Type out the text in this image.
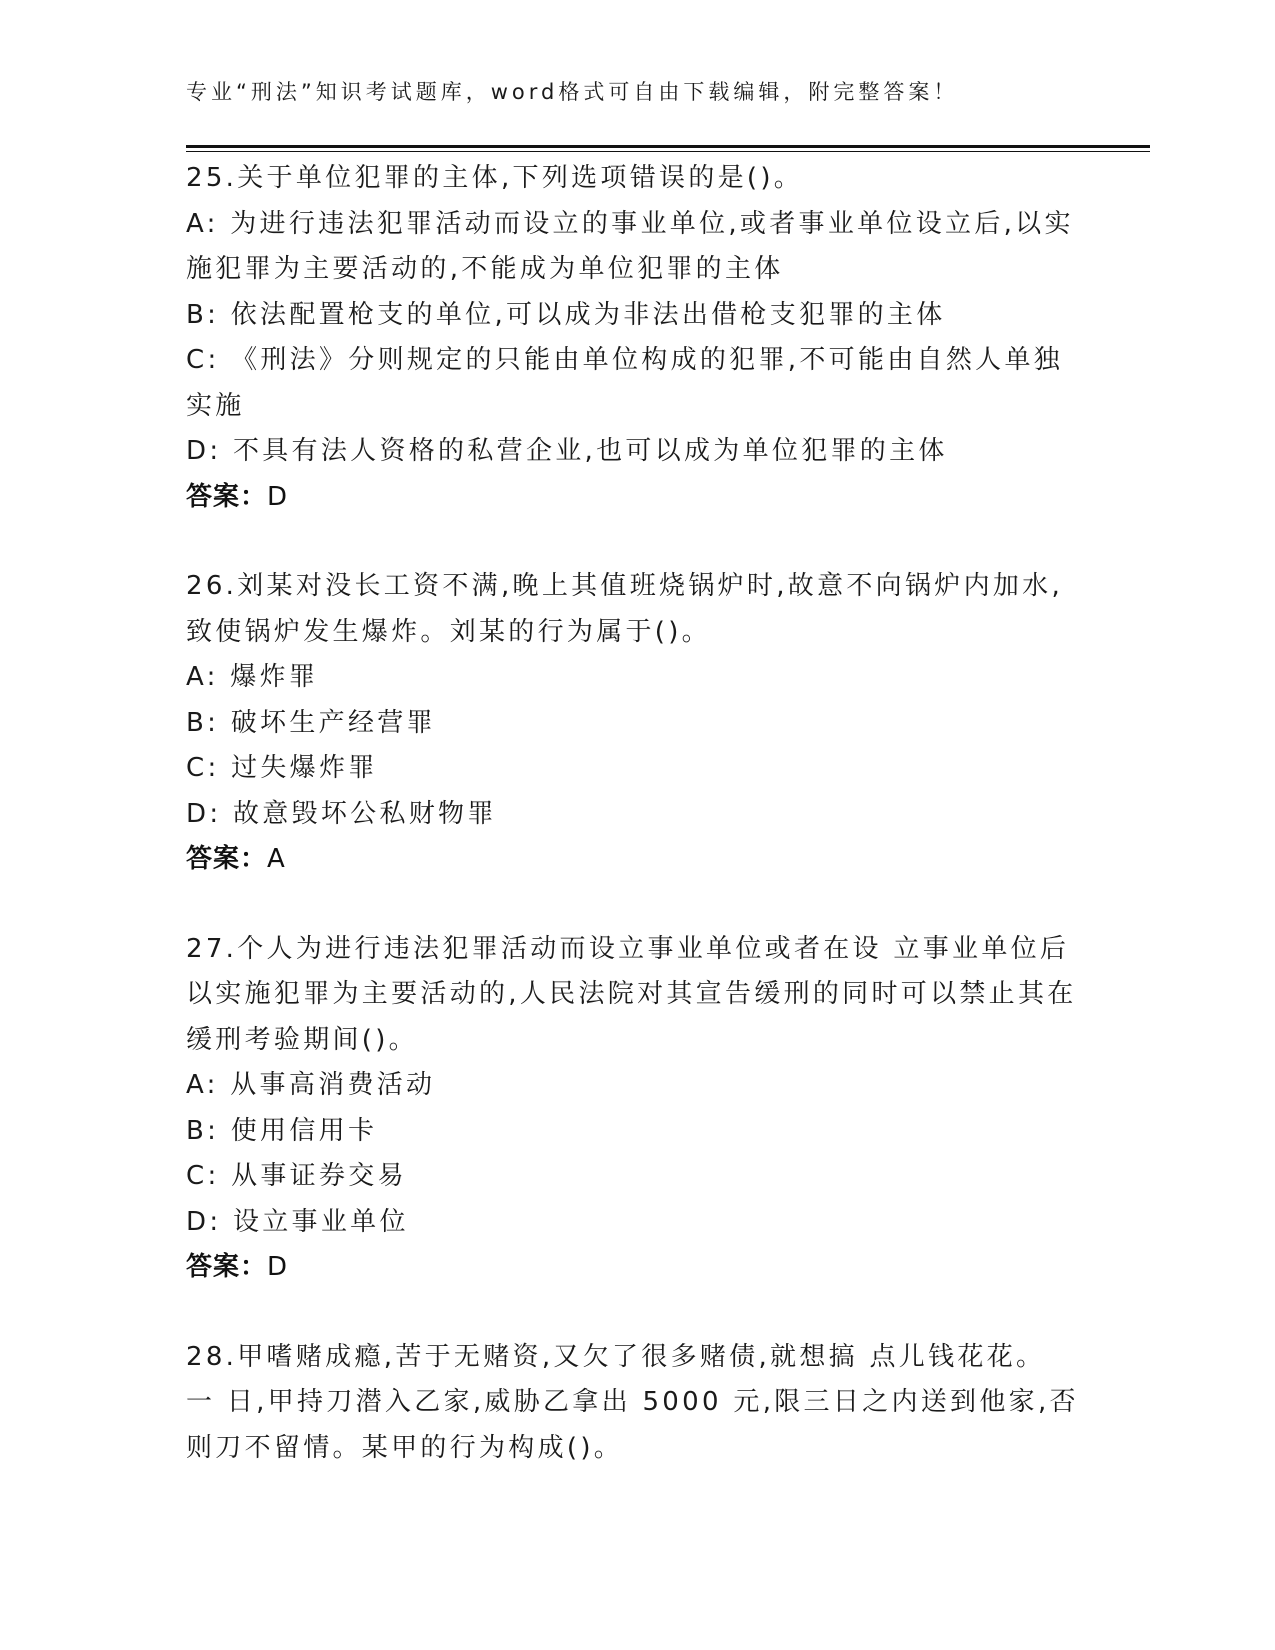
专业“刑法”知识考试题库，word格式可自由下载编辑，附完整答案！
25.关于单位犯罪的主体,下列选项错误的是()。
A: 为进行违法犯罪活动而设立的事业单位,或者事业单位设立后,以实
施犯罪为主要活动的,不能成为单位犯罪的主体
B: 依法配置枪支的单位,可以成为非法出借枪支犯罪的主体
C: 《刑法》分则规定的只能由单位构成的犯罪,不可能由自然人单独
实施
D: 不具有法人资格的私营企业,也可以成为单位犯罪的主体
答案：D
26.刘某对没长工资不满,晚上其值班烧锅炉时,故意不向锅炉内加水,
致使锅炉发生爆炸。刘某的行为属于()。
A: 爆炸罪
B: 破坏生产经营罪
C: 过失爆炸罪
D: 故意毁坏公私财物罪
答案：A
27.个人为进行违法犯罪活动而设立事业单位或者在设 立事业单位后
以实施犯罪为主要活动的,人民法院对其宣告缓刑的同时可以禁止其在
缓刑考验期间()。
A: 从事高消费活动
B: 使用信用卡
C: 从事证券交易
D: 设立事业单位
答案：D
28.甲嗜赌成瘾,苦于无赌资,又欠了很多赌债,就想搞 点儿钱花花。
一 日,甲持刀潜入乙家,威胁乙拿出 5000 元,限三日之内送到他家,否
则刀不留情。某甲的行为构成()。
